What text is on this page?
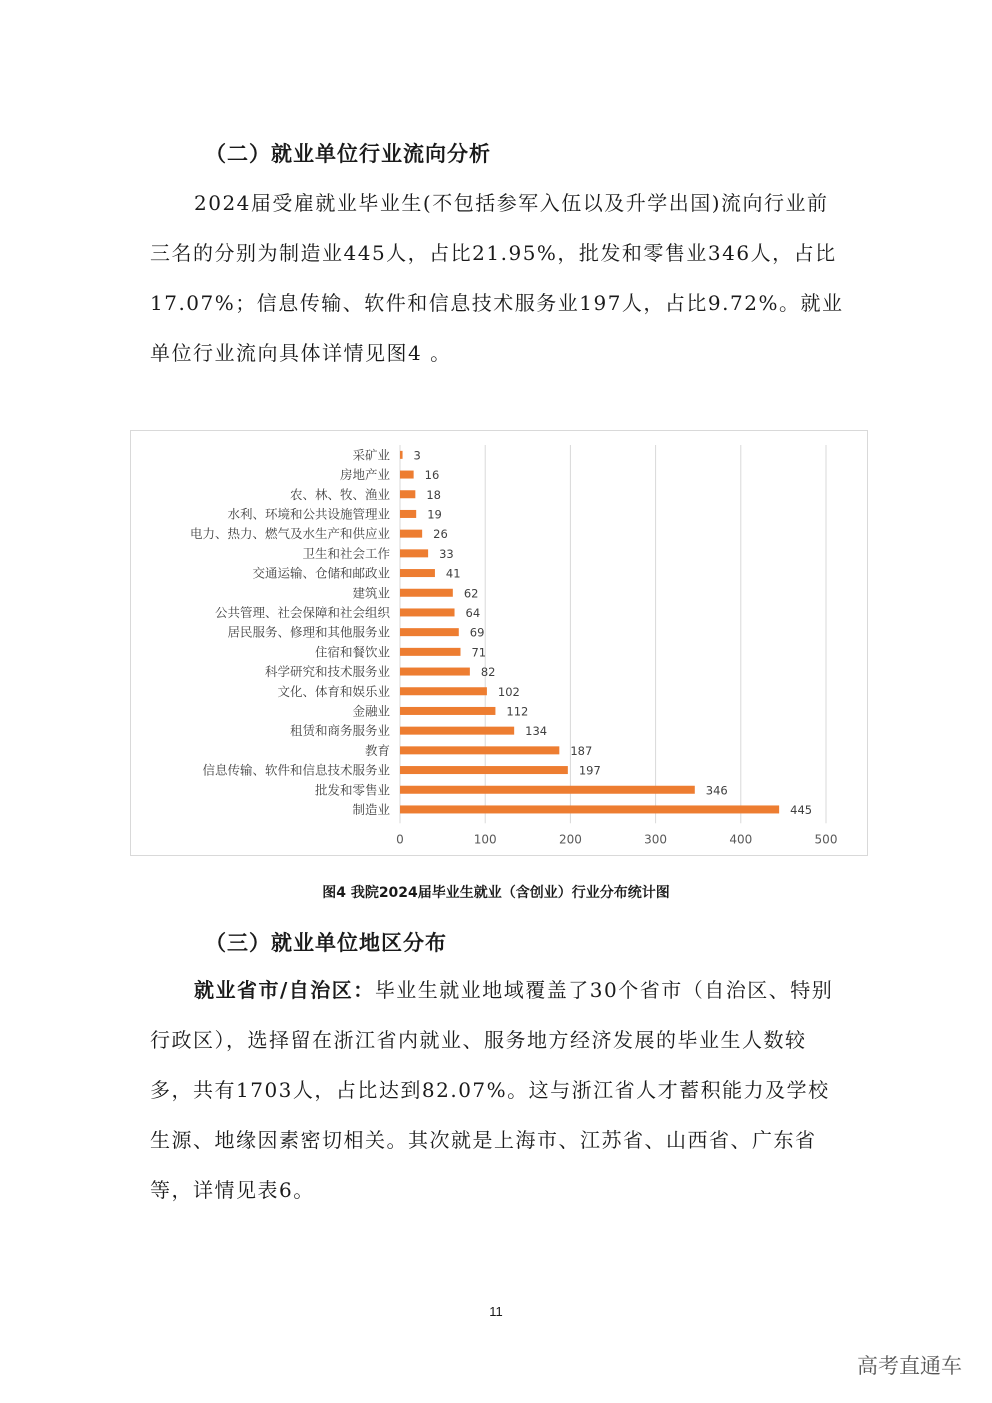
（二）就业单位行业流向分析
2024届受雇就业毕业生(不包括参军入伍以及升学出国)流向行业前三名的分别为制造业445人，占比21.95%，批发和零售业346人，占比17.07%；信息传输、软件和信息技术服务业197人，占比9.72%。就业单位行业流向具体详情见图4 。
0	100	200	300	400	500
采矿业 3
房地产业	16
农、林、牧、渔业	18
水利、环境和公共设施管理业	19
电力、热力、燃气及水生产和供应业	26
卫生和社会工作	33
交通运输、仓储和邮政业	41
建筑业	62
公共管理、社会保障和社会组织	64
居民服务、修理和其他服务业	69
住宿和餐饮业	71
科学研究和技术服务业	82
文化、体育和娱乐业	102
金融业	112
租赁和商务服务业	134
教育	187
信息传输、软件和信息技术服务业	197
批发和零售业	346
制造业	445
图4 我院2024届毕业生就业（含创业）行业分布统计图
（三）就业单位地区分布
就业省市/自治区：毕业生就业地域覆盖了30个省市（自治区、特别行政区），选择留在浙江省内就业、服务地方经济发展的毕业生人数较多，共有1703人，占比达到82.07%。这与浙江省人才蓄积能力及学校生源、地缘因素密切相关。其次就是上海市、江苏省、山西省、广东省等，详情见表6。
11
高考直通车
